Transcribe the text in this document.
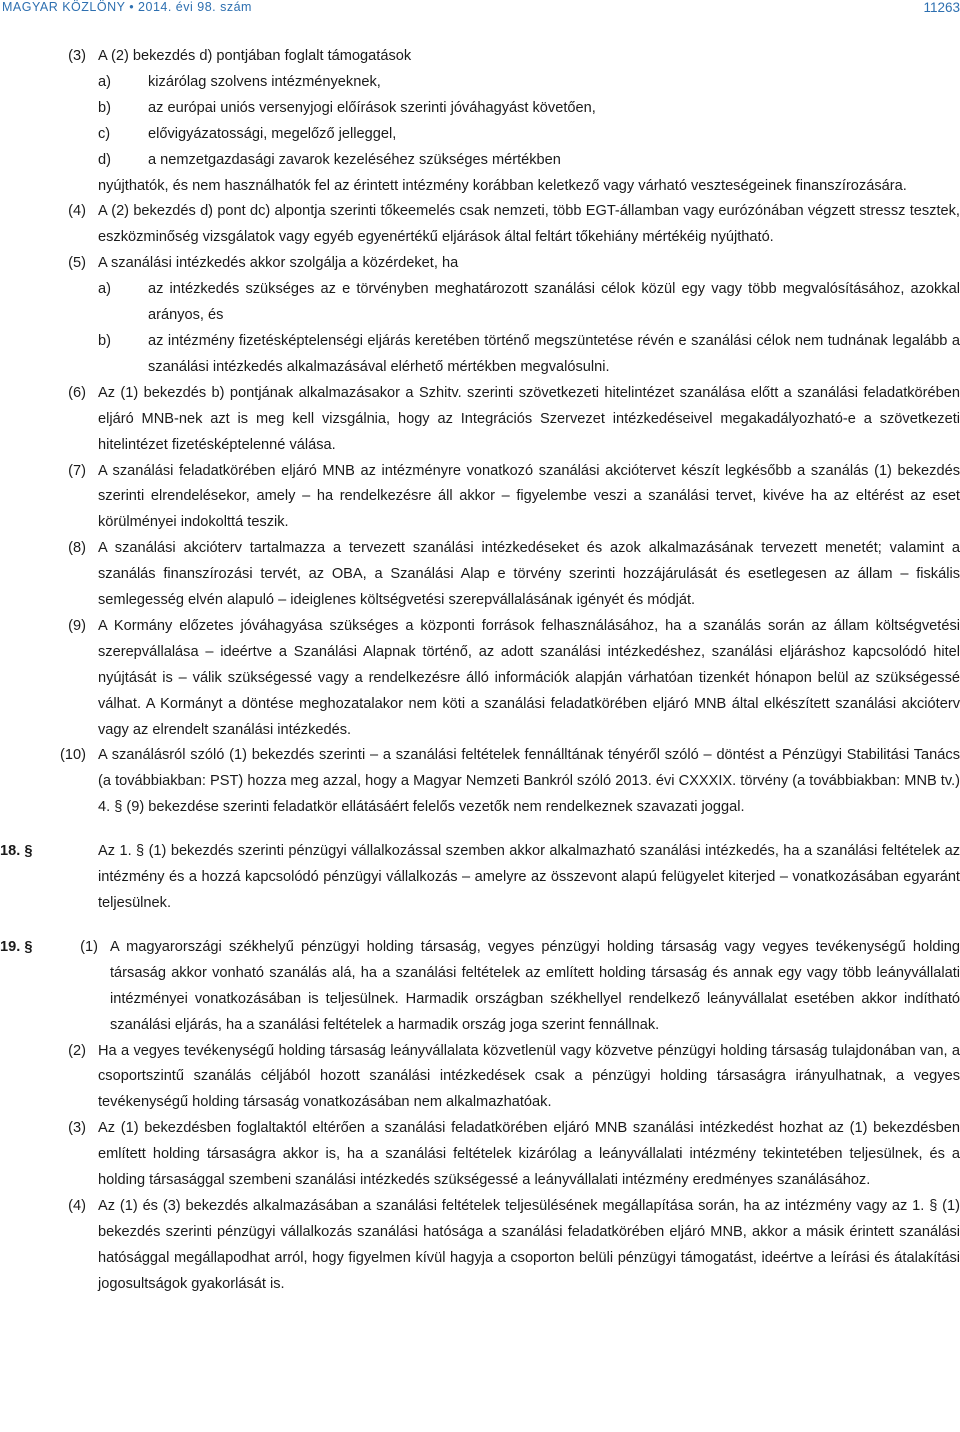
MAGYAR KÖZLÖNY • 2014. évi 98. szám	11263
(3) A (2) bekezdés d) pontjában foglalt támogatások
a)	kizárólag szolvens intézményeknek,
b)	az európai uniós versenyjogi előírások szerinti jóváhagyást követően,
c)	elővigyázatossági, megelőző jelleggel,
d)	a nemzetgazdasági zavarok kezeléséhez szükséges mértékben
nyújthatók, és nem használhatók fel az érintett intézmény korábban keletkező vagy várható veszteségeinek finanszírozására.
(4) A (2) bekezdés d) pont dc) alpontja szerinti tőkeemelés csak nemzeti, több EGT-államban vagy eurózónában végzett stressz tesztek, eszközminőség vizsgálatok vagy egyéb egyenértékű eljárások által feltárt tőkehiány mértékéig nyújtható.
(5) A szanálási intézkedés akkor szolgálja a közérdeket, ha
a)	az intézkedés szükséges az e törvényben meghatározott szanálási célok közül egy vagy több megvalósításához, azokkal arányos, és
b)	az intézmény fizetésképtelenségi eljárás keretében történő megszüntetése révén e szanálási célok nem tudnának legalább a szanálási intézkedés alkalmazásával elérhető mértékben megvalósulni.
(6) Az (1) bekezdés b) pontjának alkalmazásakor a Szhitv. szerinti szövetkezeti hitelintézet szanálása előtt a szanálási feladatkörében eljáró MNB-nek azt is meg kell vizsgálnia, hogy az Integrációs Szervezet intézkedéseivel megakadályozható-e a szövetkezeti hitelintézet fizetésképtelenné válása.
(7) A szanálási feladatkörében eljáró MNB az intézményre vonatkozó szanálási akciótervet készít legkésőbb a szanálás (1) bekezdés szerinti elrendelésekor, amely – ha rendelkezésre áll akkor – figyelembe veszi a szanálási tervet, kivéve ha az eltérést az eset körülményei indokolttá teszik.
(8) A szanálási akcióterv tartalmazza a tervezett szanálási intézkedéseket és azok alkalmazásának tervezett menetét; valamint a szanálás finanszírozási tervét, az OBA, a Szanálási Alap e törvény szerinti hozzájárulását és esetlegesen az állam – fiskális semlegesség elvén alapuló – ideiglenes költségvetési szerepvállalásának igényét és módját.
(9) A Kormány előzetes jóváhagyása szükséges a központi források felhasználásához, ha a szanálás során az állam költségvetési szerepvállalása – ideértve a Szanálási Alapnak történő, az adott szanálási intézkedéshez, szanálási eljáráshoz kapcsolódó hitel nyújtását is – válik szükségessé vagy a rendelkezésre álló információk alapján várhatóan tizenkét hónapon belül az szükségessé válhat. A Kormányt a döntése meghozatalakor nem köti a szanálási feladatkörében eljáró MNB által elkészített szanálási akcióterv vagy az elrendelt szanálási intézkedés.
(10) A szanálásról szóló (1) bekezdés szerinti – a szanálási feltételek fennálltának tényéről szóló – döntést a Pénzügyi Stabilitási Tanács (a továbbiakban: PST) hozza meg azzal, hogy a Magyar Nemzeti Bankról szóló 2013. évi CXXXIX. törvény (a továbbiakban: MNB tv.) 4. § (9) bekezdése szerinti feladatkör ellátásáért felelős vezetők nem rendelkeznek szavazati joggal.
18. §	Az 1. § (1) bekezdés szerinti pénzügyi vállalkozással szemben akkor alkalmazható szanálási intézkedés, ha a szanálási feltételek az intézmény és a hozzá kapcsolódó pénzügyi vállalkozás – amelyre az összevont alapú felügyelet kiterjed – vonatkozásában egyaránt teljesülnek.
19. §	(1) A magyarországi székhelyű pénzügyi holding társaság, vegyes pénzügyi holding társaság vagy vegyes tevékenységű holding társaság akkor vonható szanálás alá, ha a szanálási feltételek az említett holding társaság és annak egy vagy több leányvállalati intézményei vonatkozásában is teljesülnek. Harmadik országban székhellyel rendelkező leányvállalat esetében akkor indítható szanálási eljárás, ha a szanálási feltételek a harmadik ország joga szerint fennállnak.
(2) Ha a vegyes tevékenységű holding társaság leányvállalata közvetlenül vagy közvetve pénzügyi holding társaság tulajdonában van, a csoportszintű szanálás céljából hozott szanálási intézkedések csak a pénzügyi holding társaságra irányulhatnak, a vegyes tevékenységű holding társaság vonatkozásában nem alkalmazhatóak.
(3) Az (1) bekezdésben foglaltaktól eltérően a szanálási feladatkörében eljáró MNB szanálási intézkedést hozhat az (1) bekezdésben említett holding társaságra akkor is, ha a szanálási feltételek kizárólag a leányvállalati intézmény tekintetében teljesülnek, és a holding társasággal szembeni szanálási intézkedés szükségessé a leányvállalati intézmény eredményes szanálásához.
(4) Az (1) és (3) bekezdés alkalmazásában a szanálási feltételek teljesülésének megállapítása során, ha az intézmény vagy az 1. § (1) bekezdés szerinti pénzügyi vállalkozás szanálási hatósága a szanálási feladatkörében eljáró MNB, akkor a másik érintett szanálási hatósággal megállapodhat arról, hogy figyelmen kívül hagyja a csoporton belüli pénzügyi támogatást, ideértve a leírási és átalakítási jogosultságok gyakorlását is.
